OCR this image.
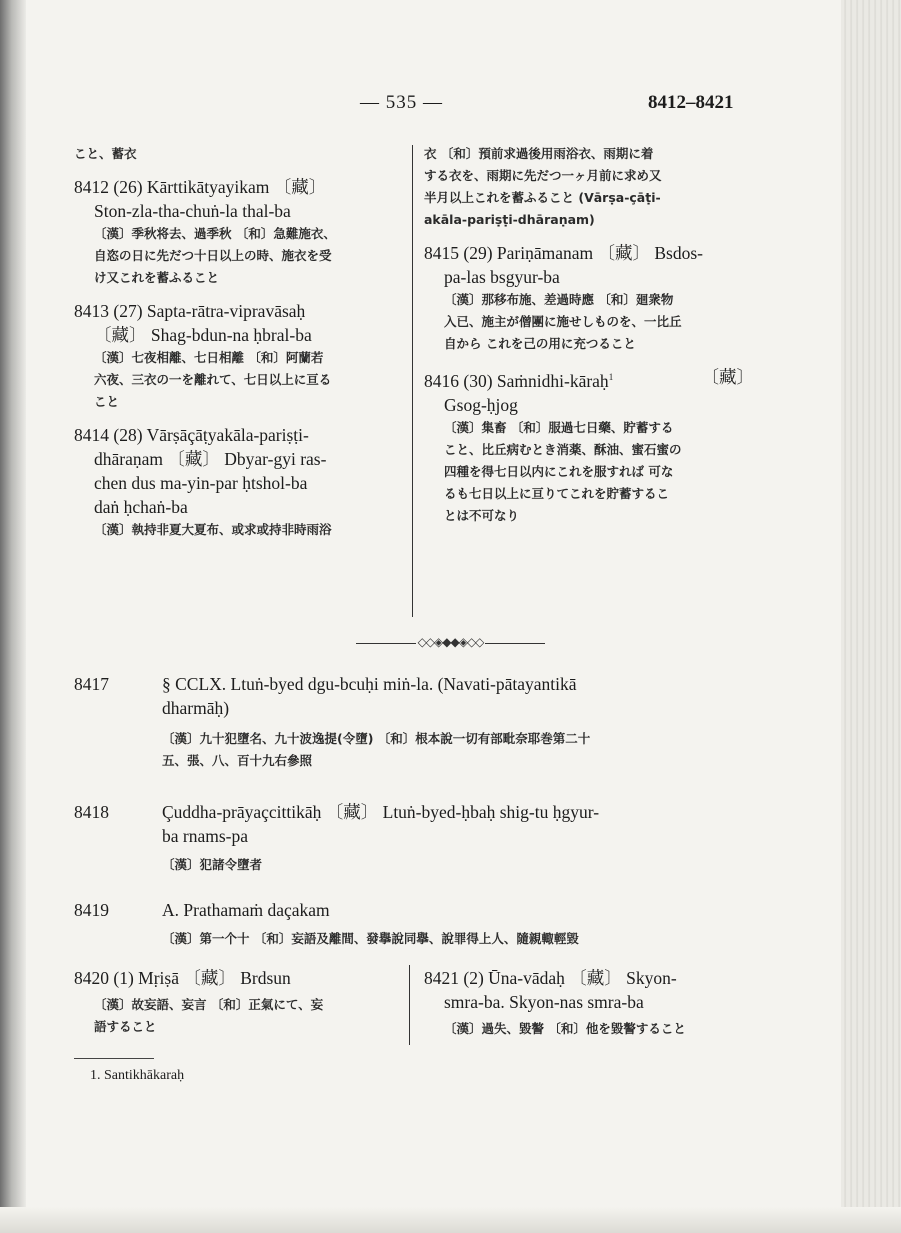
— 535 —	8412–8421
こと、蓄衣
8412 (26) Kārttikātyayikam 〔藏〕
Ston-zla-tha-chuṅ-la thal-ba
〔漢〕季秋将去、過季秋 〔和〕急難施衣、
自恣の日に先だつ十日以上の時、施衣を受
け又これを蓄ふること
8413 (27) Sapta-rātra-vipravāsaḥ
〔藏〕 Shag-bdun-na ḥbral-ba
〔漢〕七夜相離、七日相離 〔和〕阿蘭若
六夜、三衣の一を離れて、七日以上に亘る
こと
8414 (28) Vārṣāçāṭyakāla-pariṣṭi-
dhāraṇam 〔藏〕 Dbyar-gyi ras-
chen dus ma-yin-par ḥtshol-ba
daṅ ḥchaṅ-ba
〔漢〕執持非夏大夏布、或求或持非時雨浴
衣 〔和〕預前求過後用雨浴衣、雨期に着
する衣を、雨期に先だつ一ヶ月前に求め又
半月以上これを蓄ふること (Vārṣa-çāṭi-
akāla-pariṣṭi-dhāraṇam)
8415 (29) Pariṇāmanam 〔藏〕 Bsdos-
pa-las bsgyur-ba
〔漢〕那移布施、差過時應 〔和〕廻衆物
入已、施主が僧團に施せしものを、一比丘
自から これを己の用に充つること
8416 (30) Saṁnidhi-kāraḥ$^1$	〔藏〕
Gsog-ḥjog
〔漢〕集畜 〔和〕服過七日藥、貯蓄する
こと、比丘病むとき消薬、酥油、蜜石蜜の
四種を得七日以内にこれを服すれば 可な
るも七日以上に亘りてこれを貯蓄するこ
とは不可なり
◇◇◈◆◆◈◇◇
8417	§ CCLX. Ltuṅ-byed dgu-bcuḥi miṅ-la. (Navati-pātayantikā
dharmāḥ)
〔漢〕九十犯墮名、九十波逸提(令墮) 〔和〕根本說一切有部毗奈耶巻第二十
五、張、八、百十九右參照
8418	Çuddha-prāyaçcittikāḥ 〔藏〕 Ltuṅ-byed-ḥbaḥ shig-tu ḥgyur-
ba rnams-pa
〔漢〕犯諸令墮者
8419	A. Prathamaṁ daçakam
〔漢〕第一个十 〔和〕妄語及離間、發擧說同擧、說罪得上人、隨親輙輕毀
8420 (1) Mṛiṣā 〔藏〕 Brdsun
〔漢〕故妄語、妄言 〔和〕正氣にて、妄
語すること
8421 (2) Ūna-vādaḥ 〔藏〕 Skyon-
smra-ba. Skyon-nas smra-ba
〔漢〕過失、毀謷 〔和〕他を毀謷すること
1. Santikhākaraḥ
